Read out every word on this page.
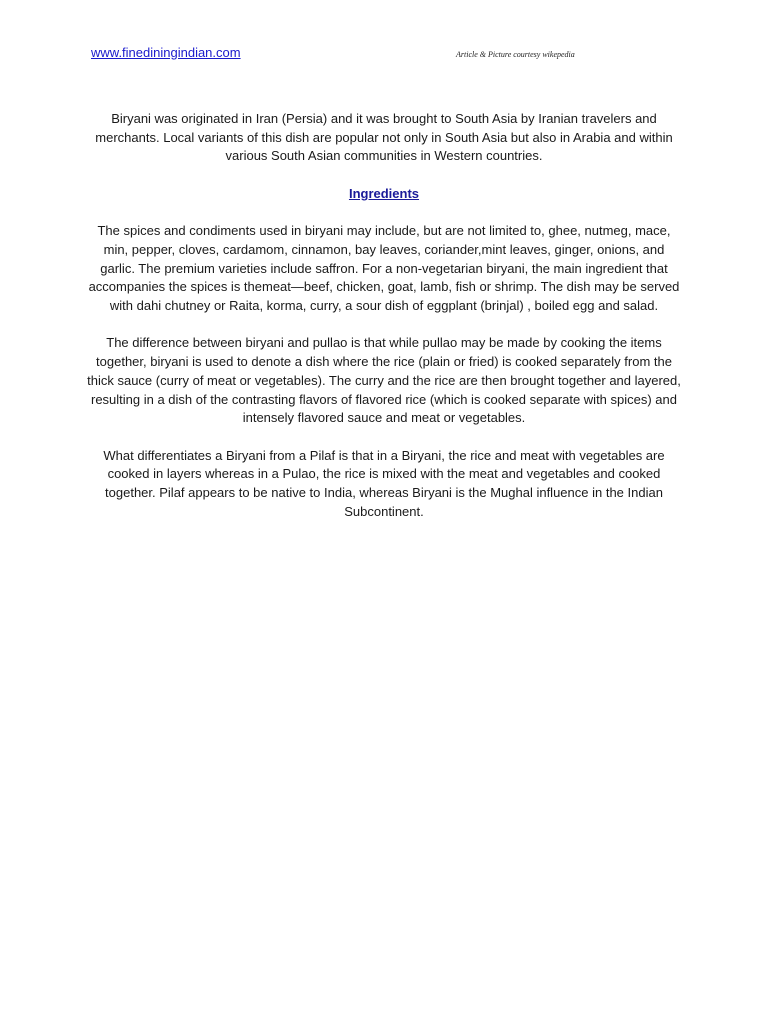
www.finediningindian.com	Article & Picture courtesy wikepedia

Biryani was originated in Iran (Persia) and it was brought to South Asia by Iranian travelers and merchants. Local variants of this dish are popular not only in South Asia but also in Arabia and within various South Asian communities in Western countries.

Ingredients

The spices and condiments used in biryani may include, but are not limited to, ghee, nutmeg, mace, min, pepper, cloves, cardamom, cinnamon, bay leaves, coriander,mint leaves, ginger, onions, and garlic. The premium varieties include saffron. For a non-vegetarian biryani, the main ingredient that accompanies the spices is themeat—beef, chicken, goat, lamb, fish or shrimp. The dish may be served with dahi chutney or Raita, korma, curry, a sour dish of eggplant (brinjal) , boiled egg and salad.

The difference between biryani and pullao is that while pullao may be made by cooking the items together, biryani is used to denote a dish where the rice (plain or fried) is cooked separately from the thick sauce (curry of meat or vegetables). The curry and the rice are then brought together and layered, resulting in a dish of the contrasting flavors of flavored rice (which is cooked separate with spices) and intensely flavored sauce and meat or vegetables.

What differentiates a Biryani from a Pilaf is that in a Biryani, the rice and meat with vegetables are cooked in layers whereas in a Pulao, the rice is mixed with the meat and vegetables and cooked together. Pilaf appears to be native to India, whereas Biryani is the Mughal influence in the Indian Subcontinent.
